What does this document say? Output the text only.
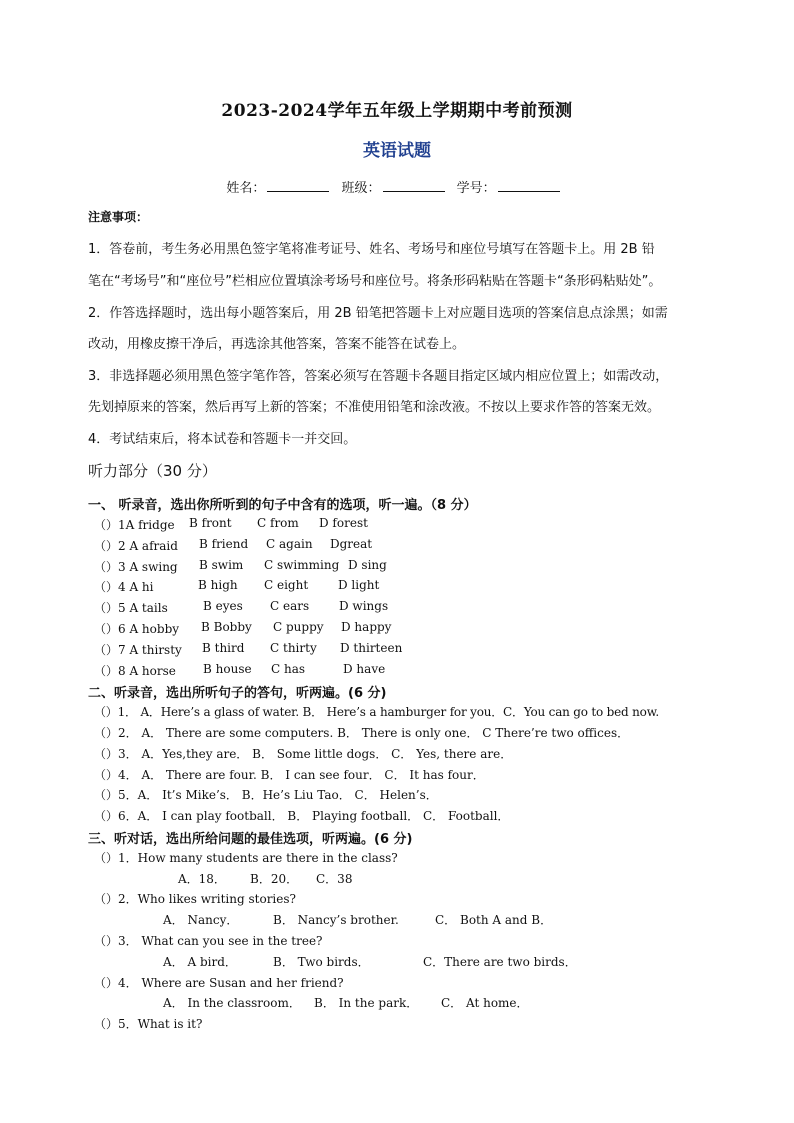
2023-2024学年五年级上学期期中考前预测
英语试题
姓名：	班级：	学号：
注意事项：
1．答卷前，考生务必用黑色签字笔将准考证号、姓名、考场号和座位号填写在答题卡上。用 2B 铅
笔在“考场号”和“座位号”栏相应位置填涂考场号和座位号。将条形码粘贴在答题卡“条形码粘贴处”。
2．作答选择题时，选出每小题答案后，用 2B 铅笔把答题卡上对应题目选项的答案信息点涂黑；如需
改动，用橡皮擦干净后，再选涂其他答案，答案不能答在试卷上。
3．非选择题必须用黑色签字笔作答，答案必须写在答题卡各题目指定区域内相应位置上；如需改动，
先划掉原来的答案，然后再写上新的答案；不准使用铅笔和涂改液。不按以上要求作答的答案无效。
4．考试结束后，将本试卷和答题卡一并交回。
听力部分（30 分）
一、 听录音，选出你所听到的句子中含有的选项，听一遍。（8 分）
（）1A fridge B front C from D forest
（）2 A afraid B friend C again Dgreat
（）3 A swing B swim C swimming D sing
（）4 A hi	B high C eight D light
（）5 A tails	B eyes C ears D wings
（）6 A hobby B Bobby C puppy D happy
（）7 A thirsty B third C thirty D thirteen
（）8 A horse B house C has	D have
二、听录音，选出所听句子的答句，听两遍。(6 分)
（）1． A．Here’s a glass of water. B． Here’s a hamburger for you．C．You can go to bed now.
（）2． A． There are some computers. B． There is only one． C There’re two offices．
（）3． A．Yes,they are． B． Some little dogs． C． Yes, there are．
（）4． A． There are four. B． I can see four． C． It has four．
（）5．A． It’s Mike’s． B．He’s Liu Tao． C． Helen’s．
（）6．A． I can play football． B． Playing football． C． Football．
三、听对话，选出所给问题的最佳选项，听两遍。(6 分)
（）1．How many students are there in the class?
A．18． B．20． C．38
（）2．Who likes writing stories?
A． Nancy．	B． Nancy’s brother.	C． Both A and B．
（）3． What can you see in the tree?
A． A bird．	B． Two birds．	C．There are two birds．
（）4． Where are Susan and her friend?
A． In the classroom． B． In the park． C． At home．
（）5．What is it?
